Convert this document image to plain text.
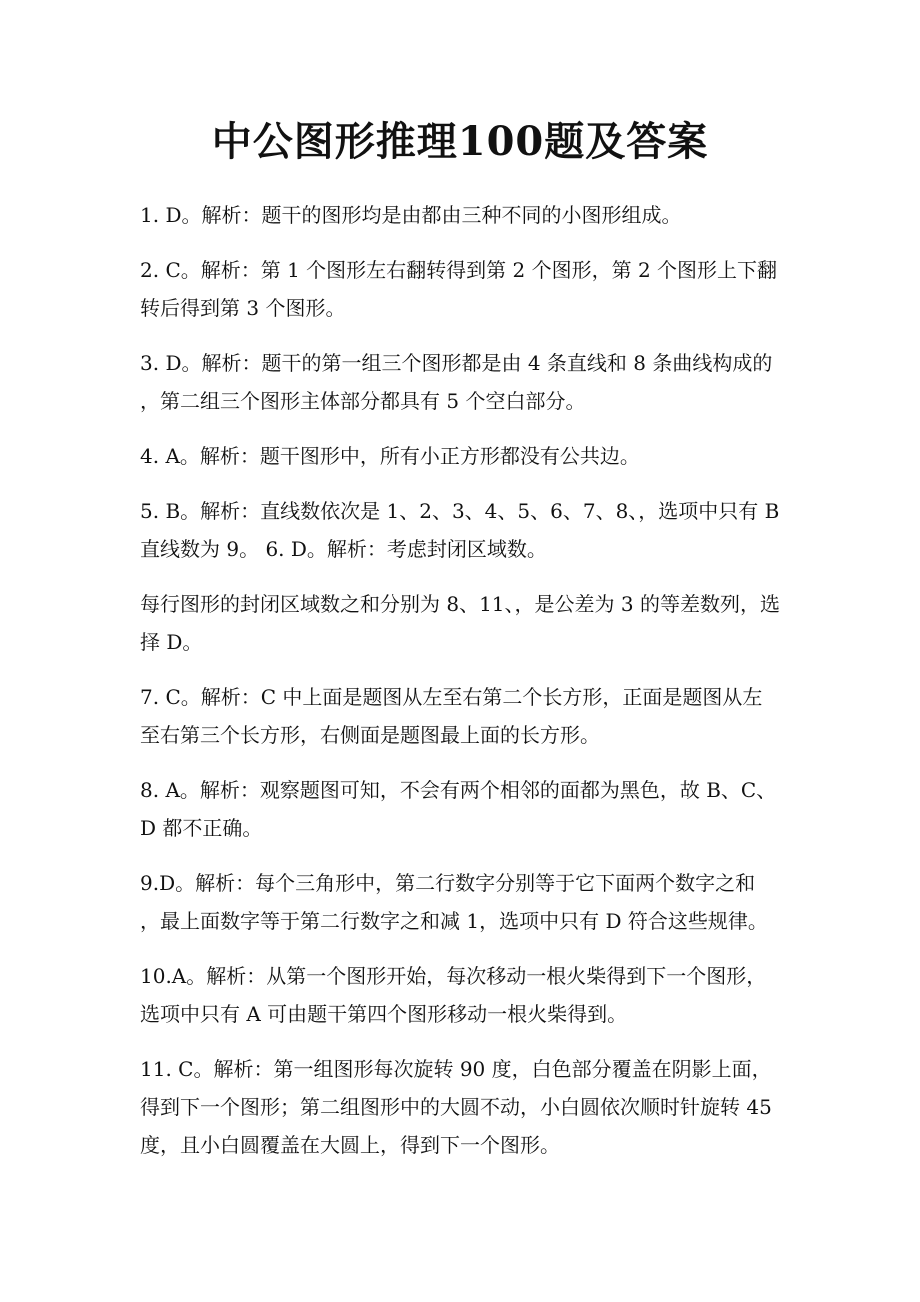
中公图形推理100题及答案
1. D。解析：题干的图形均是由都由三种不同的小图形组成。
2. C。解析：第 1 个图形左右翻转得到第 2 个图形，第 2 个图形上下翻
转后得到第 3 个图形。
3. D。解析：题干的第一组三个图形都是由 4 条直线和 8 条曲线构成的
，第二组三个图形主体部分都具有 5 个空白部分。
4. A。解析：题干图形中，所有小正方形都没有公共边。
5. B。解析：直线数依次是 1、2、3、4、5、6、7、8、，选项中只有 B
直线数为 9。 6. D。解析：考虑封闭区域数。
每行图形的封闭区域数之和分别为 8、11、，是公差为 3 的等差数列，选
择 D。
7. C。解析：C 中上面是题图从左至右第二个长方形，正面是题图从左
至右第三个长方形，右侧面是题图最上面的长方形。
8. A。解析：观察题图可知，不会有两个相邻的面都为黑色，故 B、C、
D 都不正确。
9.D。解析：每个三角形中，第二行数字分别等于它下面两个数字之和
，最上面数字等于第二行数字之和减 1，选项中只有 D 符合这些规律。
10.A。解析：从第一个图形开始，每次移动一根火柴得到下一个图形，
选项中只有 A 可由题干第四个图形移动一根火柴得到。
11. C。解析：第一组图形每次旋转 90 度，白色部分覆盖在阴影上面，
得到下一个图形；第二组图形中的大圆不动，小白圆依次顺时针旋转 45
度，且小白圆覆盖在大圆上，得到下一个图形。
